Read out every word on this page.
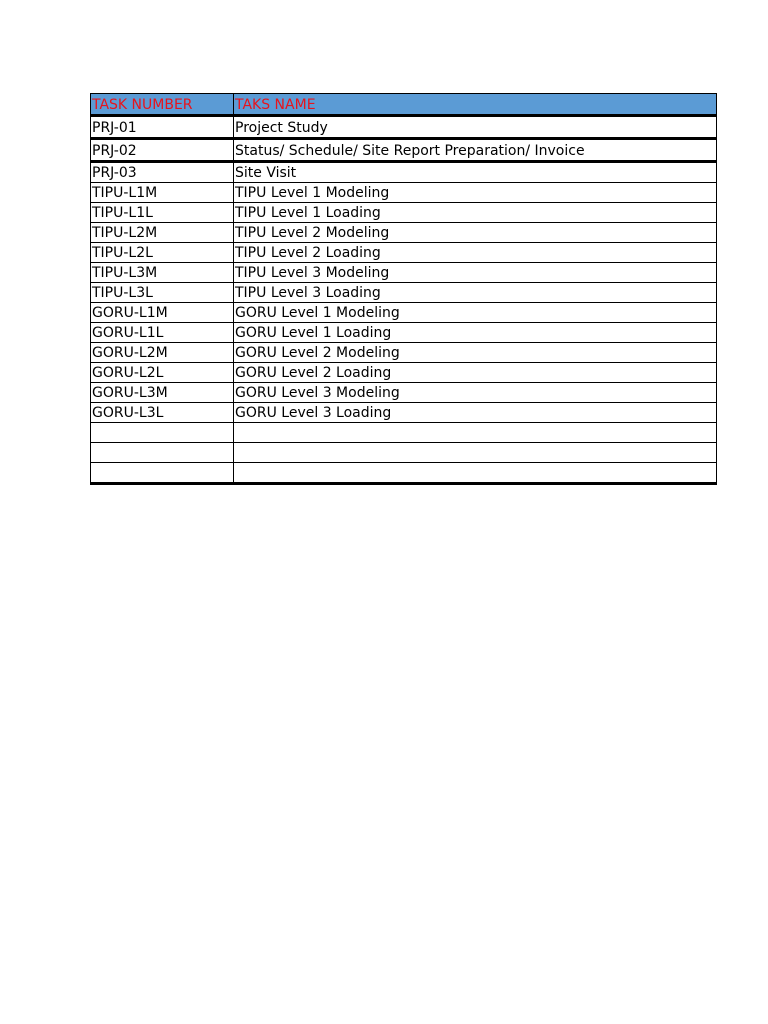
TASK NUMBER	TAKS NAME
PRJ-01	Project Study
PRJ-02	Status/ Schedule/ Site Report Preparation/ Invoice
PRJ-03	Site Visit
TIPU-L1M	TIPU Level 1 Modeling
TIPU-L1L	TIPU Level 1 Loading
TIPU-L2M	TIPU Level 2 Modeling
TIPU-L2L	TIPU Level 2 Loading
TIPU-L3M	TIPU Level 3 Modeling
TIPU-L3L	TIPU Level 3 Loading
GORU-L1M	GORU Level 1 Modeling
GORU-L1L	GORU Level 1 Loading
GORU-L2M	GORU Level 2 Modeling
GORU-L2L	GORU Level 2 Loading
GORU-L3M	GORU Level 3 Modeling
GORU-L3L	GORU Level 3 Loading
